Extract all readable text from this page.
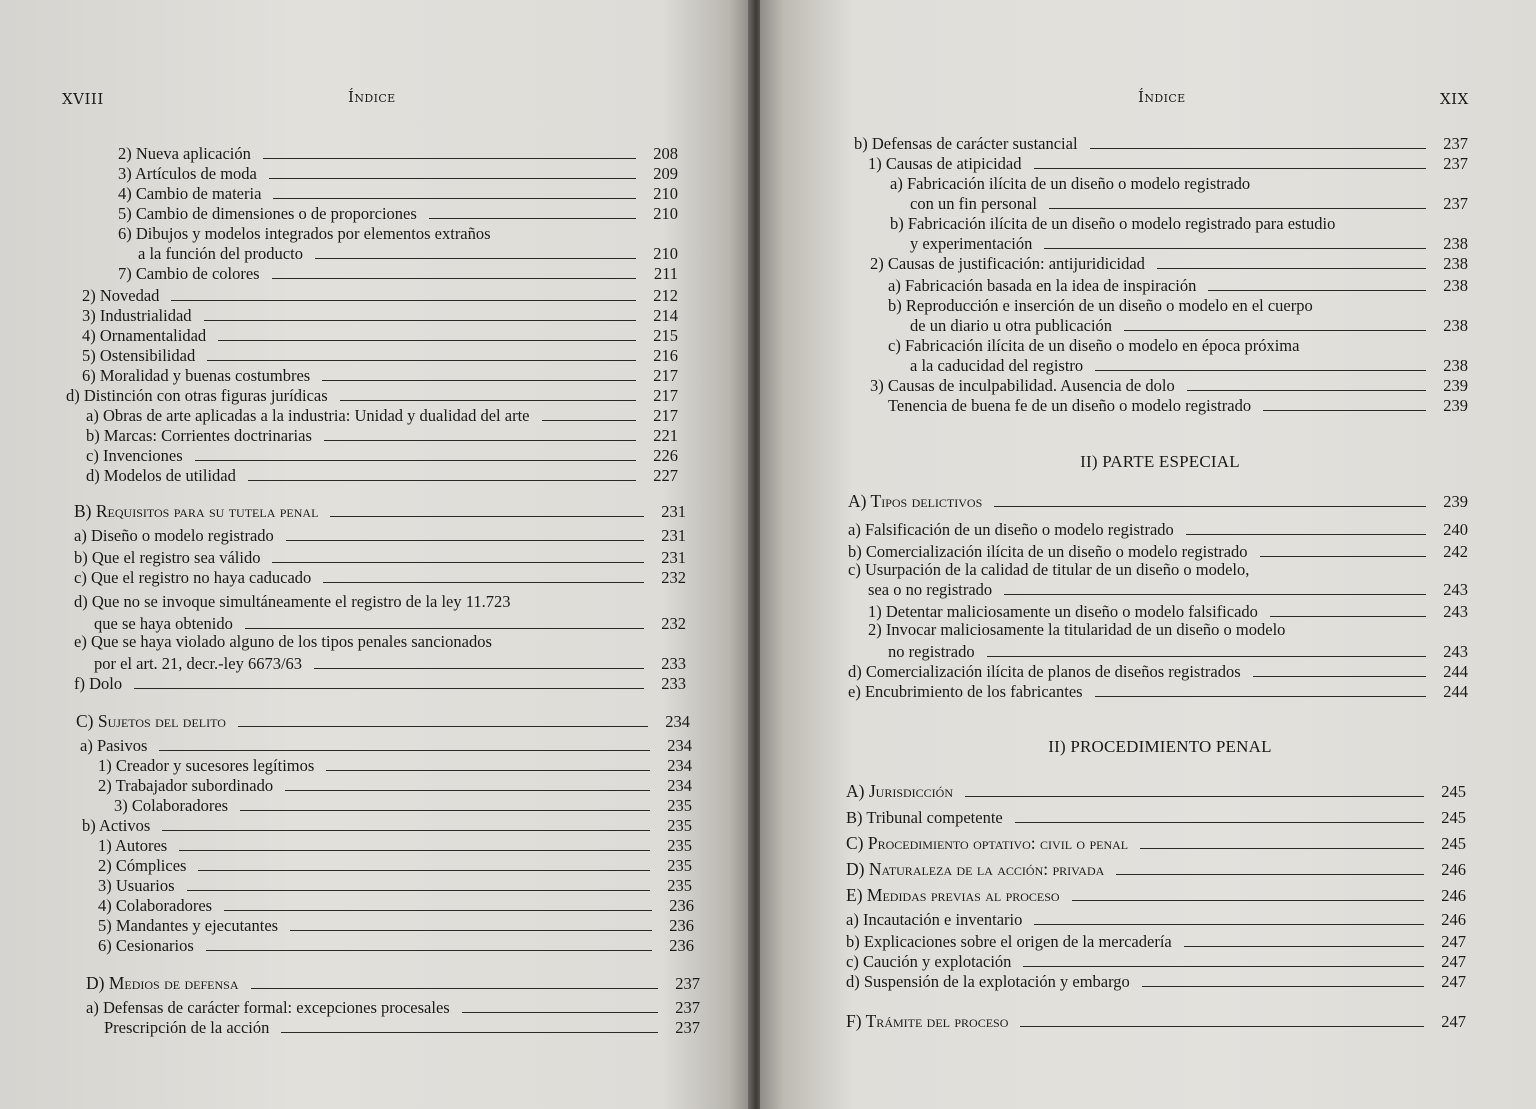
XVIII	Índice
2) Nueva aplicación	208
3) Artículos de moda	209
4) Cambio de materia	210
5) Cambio de dimensiones o de proporciones	210
6) Dibujos y modelos integrados por elementos extraños
a la función del producto	210
7) Cambio de colores	211
2) Novedad	212
3) Industrialidad	214
4) Ornamentalidad	215
5) Ostensibilidad	216
6) Moralidad y buenas costumbres	217
d) Distinción con otras figuras jurídicas	217
a) Obras de arte aplicadas a la industria: Unidad y dualidad del arte	217
b) Marcas: Corrientes doctrinarias	221
c) Invenciones	226
d) Modelos de utilidad	227
B) Requisitos para su tutela penal	231
a) Diseño o modelo registrado	231
b) Que el registro sea válido	231
c) Que el registro no haya caducado	232
d) Que no se invoque simultáneamente el registro de la ley 11.723
que se haya obtenido	232
e) Que se haya violado alguno de los tipos penales sancionados
por el art. 21, decr.-ley 6673/63	233
f) Dolo	233
C) Sujetos del delito	234
a) Pasivos	234
1) Creador y sucesores legítimos	234
2) Trabajador subordinado	234
3) Colaboradores	235
b) Activos	235
1) Autores	235
2) Cómplices	235
3) Usuarios	235
4) Colaboradores	236
5) Mandantes y ejecutantes	236
6) Cesionarios	236
D) Medios de defensa	237
a) Defensas de carácter formal: excepciones procesales	237
Prescripción de la acción	237
Índice	XIX
b) Defensas de carácter sustancial	237
1) Causas de atipicidad	237
a) Fabricación ilícita de un diseño o modelo registrado
con un fin personal	237
b) Fabricación ilícita de un diseño o modelo registrado para estudio
y experimentación	238
2) Causas de justificación: antijuridicidad	238
a) Fabricación basada en la idea de inspiración	238
b) Reproducción e inserción de un diseño o modelo en el cuerpo
de un diario u otra publicación	238
c) Fabricación ilícita de un diseño o modelo en época próxima
a la caducidad del registro	238
3) Causas de inculpabilidad. Ausencia de dolo	239
Tenencia de buena fe de un diseño o modelo registrado	239
II) PARTE ESPECIAL
A) Tipos delictivos	239
a) Falsificación de un diseño o modelo registrado	240
b) Comercialización ilícita de un diseño o modelo registrado	242
c) Usurpación de la calidad de titular de un diseño o modelo,
sea o no registrado	243
1) Detentar maliciosamente un diseño o modelo falsificado	243
2) Invocar maliciosamente la titularidad de un diseño o modelo
no registrado	243
d) Comercialización ilícita de planos de diseños registrados	244
e) Encubrimiento de los fabricantes	244
II) PROCEDIMIENTO PENAL
A) Jurisdicción	245
B) Tribunal competente	245
C) Procedimiento optativo: civil o penal	245
D) Naturaleza de la acción: privada	246
E) Medidas previas al proceso	246
a) Incautación e inventario	246
b) Explicaciones sobre el origen de la mercadería	247
c) Caución y explotación	247
d) Suspensión de la explotación y embargo	247
F) Trámite del proceso	247
